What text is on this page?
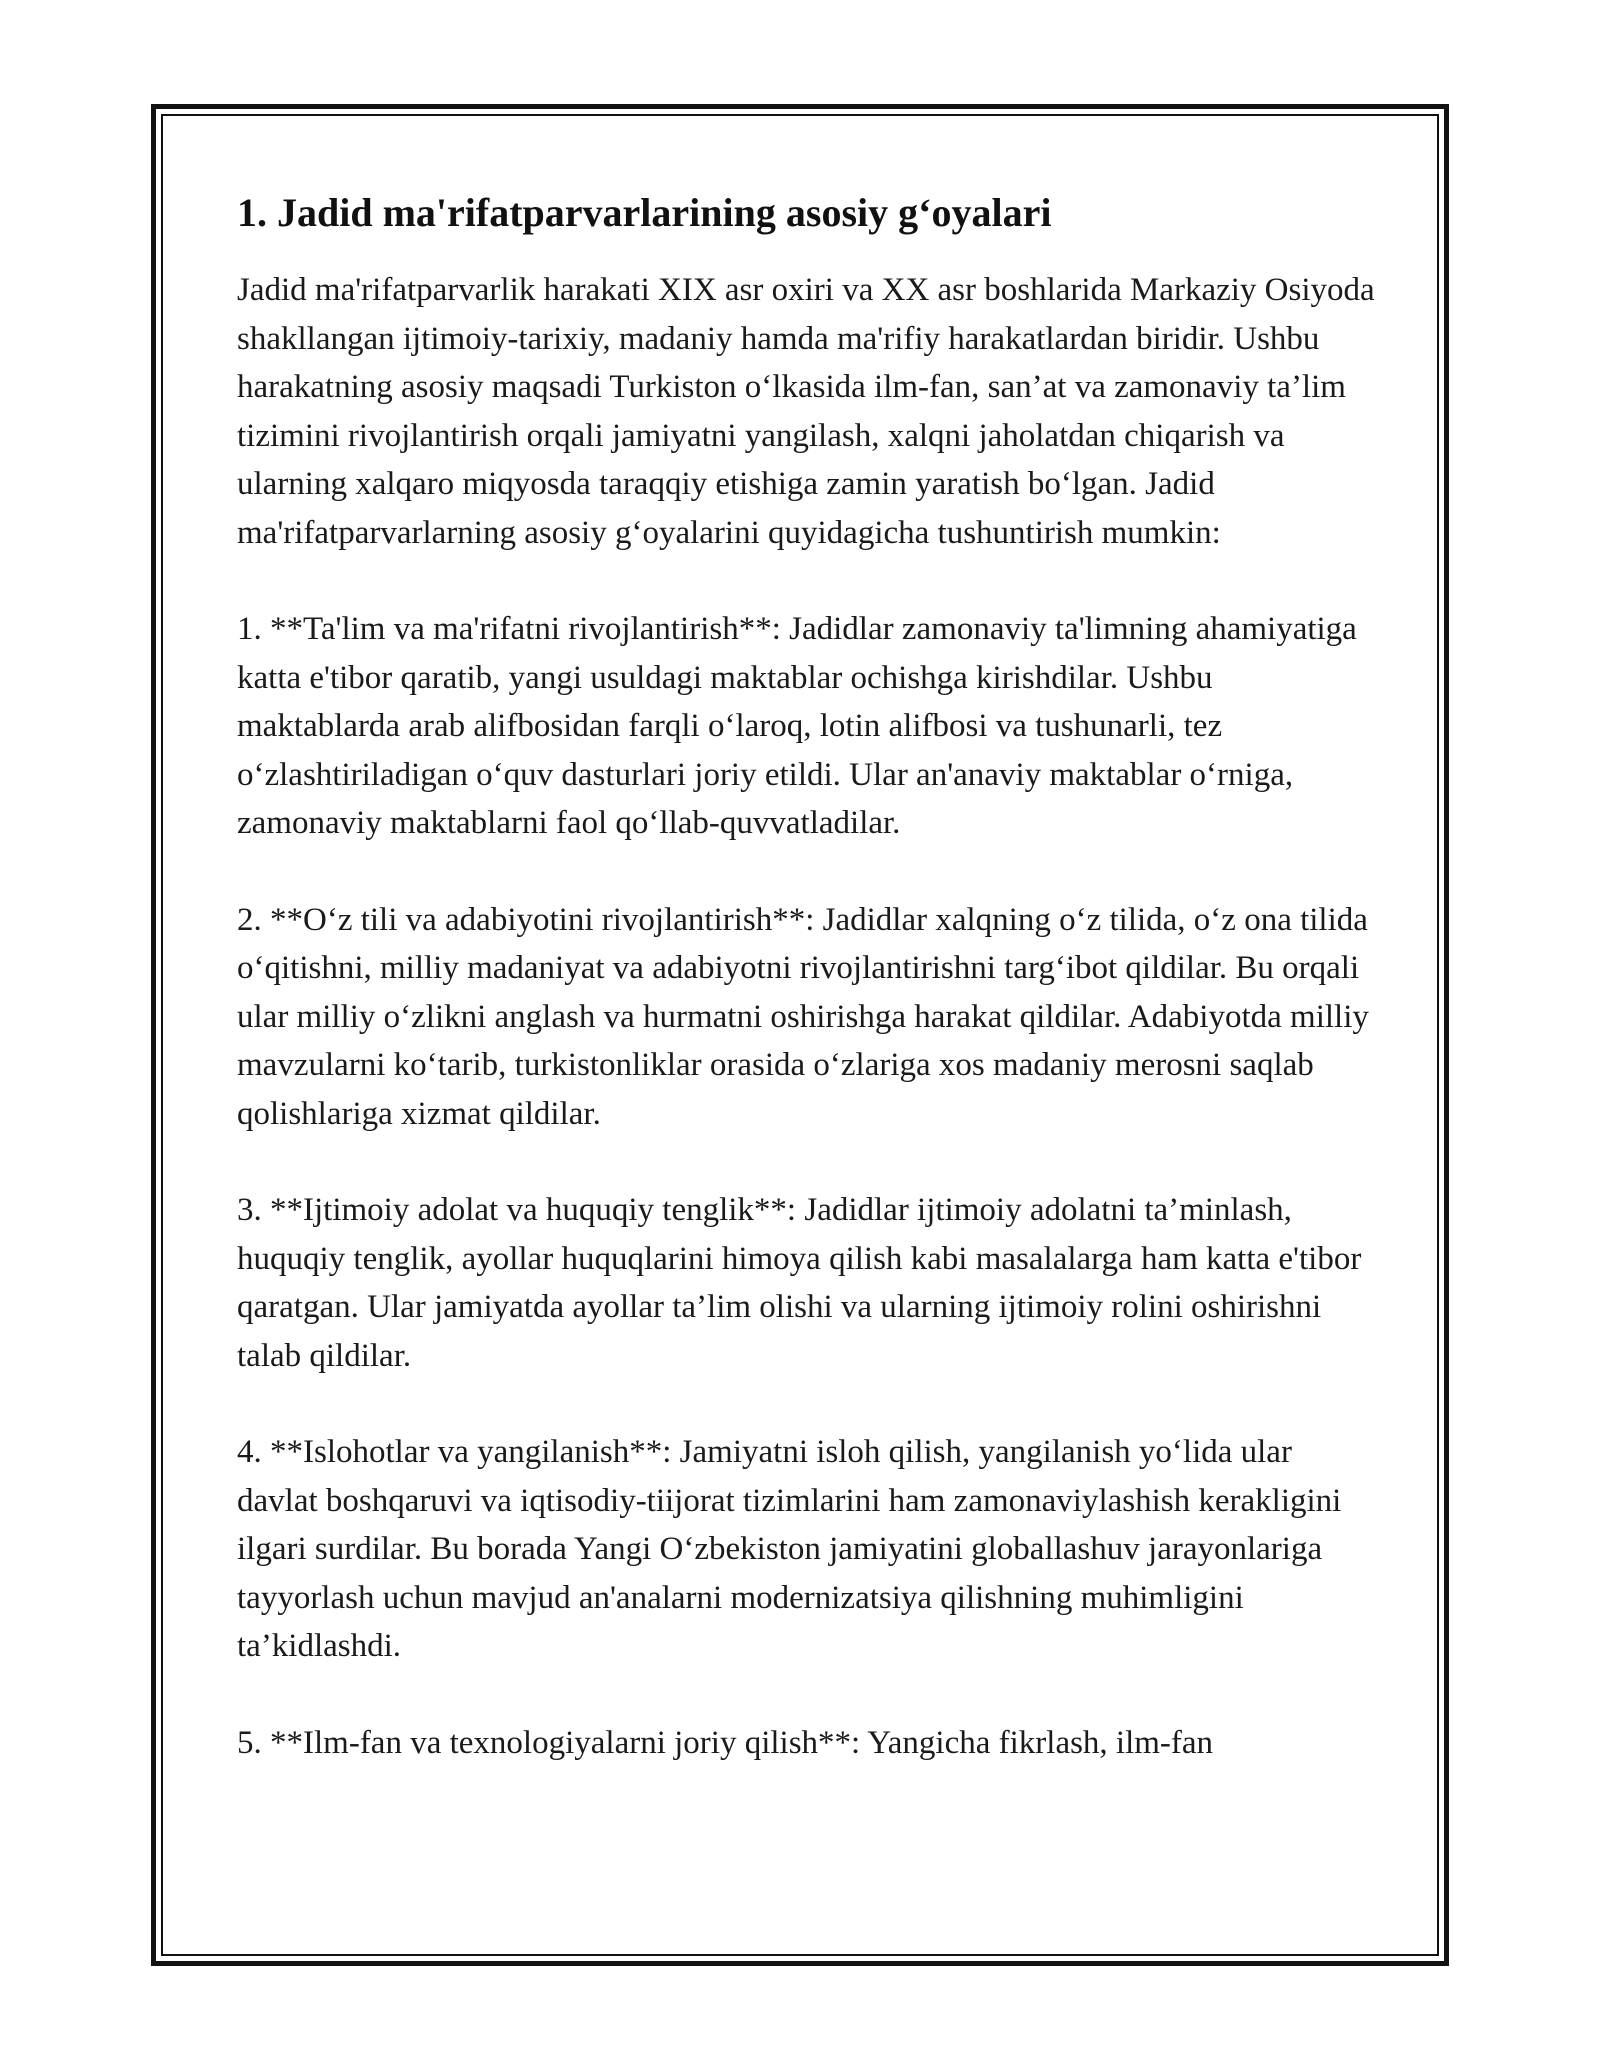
1. Jadid ma'rifatparvarlarining asosiy g‘oyalari

Jadid ma'rifatparvarlik harakati XIX asr oxiri va XX asr boshlarida Markaziy Osiyoda shakllangan ijtimoiy-tarixiy, madaniy hamda ma'rifiy harakatlardan biridir. Ushbu harakatning asosiy maqsadi Turkiston o‘lkasida ilm-fan, san’at va zamonaviy ta’lim tizimini rivojlantirish orqali jamiyatni yangilash, xalqni jaholatdan chiqarish va ularning xalqaro miqyosda taraqqiy etishiga zamin yaratish bo‘lgan. Jadid ma'rifatparvarlarning asosiy g‘oyalarini quyidagicha tushuntirish mumkin:

1. **Ta'lim va ma'rifatni rivojlantirish**: Jadidlar zamonaviy ta'limning ahamiyatiga katta e'tibor qaratib, yangi usuldagi maktablar ochishga kirishdilar. Ushbu maktablarda arab alifbosidan farqli o‘laroq, lotin alifbosi va tushunarli, tez o‘zlashtiriladigan o‘quv dasturlari joriy etildi. Ular an'anaviy maktablar o‘rniga, zamonaviy maktablarni faol qo‘llab-quvvatladilar.

2. **O‘z tili va adabiyotini rivojlantirish**: Jadidlar xalqning o‘z tilida, o‘z ona tilida o‘qitishni, milliy madaniyat va adabiyotni rivojlantirishni targ‘ibot qildilar. Bu orqali ular milliy o‘zlikni anglash va hurmatni oshirishga harakat qildilar. Adabiyotda milliy mavzularni ko‘tarib, turkistonliklar orasida o‘zlariga xos madaniy merosni saqlab qolishlariga xizmat qildilar.

3. **Ijtimoiy adolat va huquqiy tenglik**: Jadidlar ijtimoiy adolatni ta’minlash, huquqiy tenglik, ayollar huquqlarini himoya qilish kabi masalalarga ham katta e'tibor qaratgan. Ular jamiyatda ayollar ta’lim olishi va ularning ijtimoiy rolini oshirishni talab qildilar.

4. **Islohotlar va yangilanish**: Jamiyatni isloh qilish, yangilanish yo‘lida ular davlat boshqaruvi va iqtisodiy-tiijorat tizimlarini ham zamonaviylashish kerakligini ilgari surdilar. Bu borada Yangi O‘zbekiston jamiyatini globallashuv jarayonlariga tayyorlash uchun mavjud an'analarni modernizatsiya qilishning muhimligini ta’kidlashdi.

5. **Ilm-fan va texnologiyalarni joriy qilish**: Yangicha fikrlash, ilm-fan
